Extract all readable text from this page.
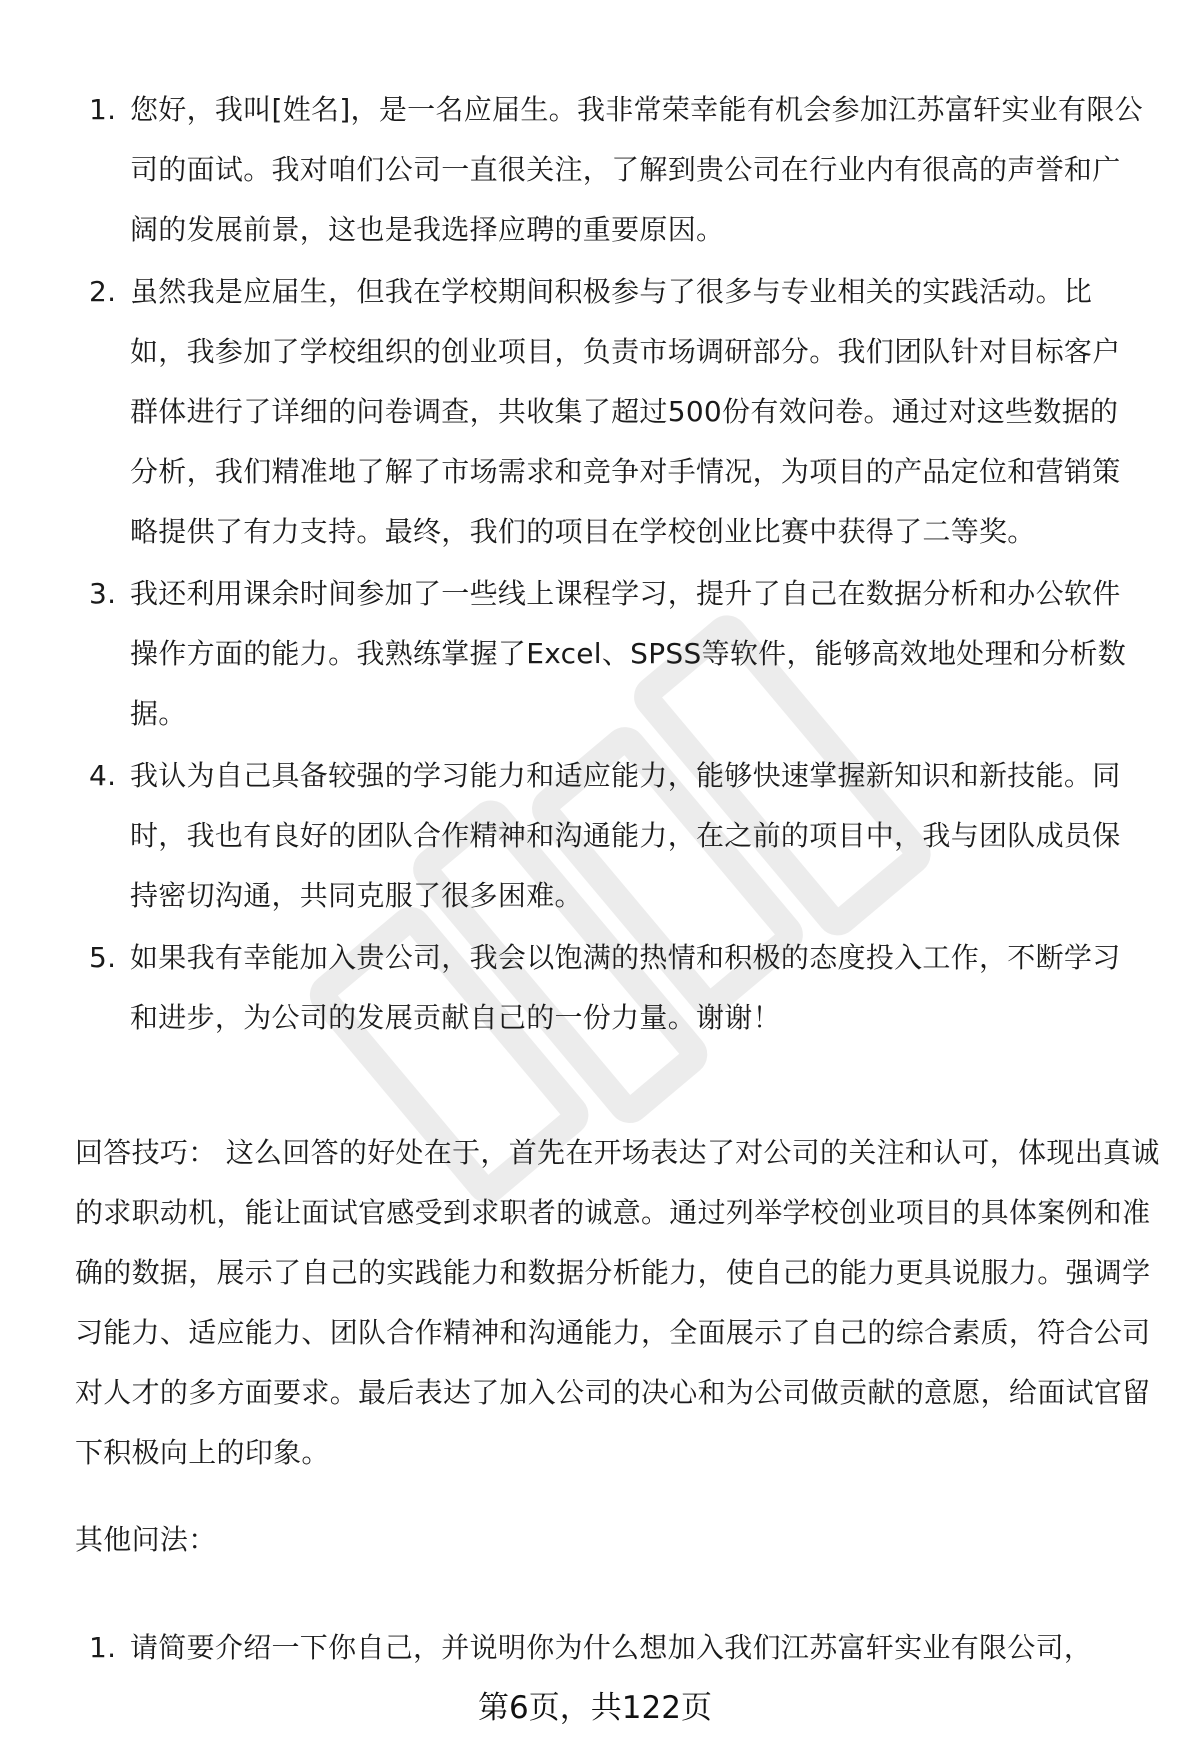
1. 您好，我叫[姓名]，是一名应届生。我非常荣幸能有机会参加江苏富轩实业有限公司的面试。我对咱们公司一直很关注，了解到贵公司在行业内有很高的声誉和广阔的发展前景，这也是我选择应聘的重要原因。
2. 虽然我是应届生，但我在学校期间积极参与了很多与专业相关的实践活动。比如，我参加了学校组织的创业项目，负责市场调研部分。我们团队针对目标客户群体进行了详细的问卷调查，共收集了超过500份有效问卷。通过对这些数据的分析，我们精准地了解了市场需求和竞争对手情况，为项目的产品定位和营销策略提供了有力支持。最终，我们的项目在学校创业比赛中获得了二等奖。
3. 我还利用课余时间参加了一些线上课程学习，提升了自己在数据分析和办公软件操作方面的能力。我熟练掌握了Excel、SPSS等软件，能够高效地处理和分析数据。
4. 我认为自己具备较强的学习能力和适应能力，能够快速掌握新知识和新技能。同时，我也有良好的团队合作精神和沟通能力，在之前的项目中，我与团队成员保持密切沟通，共同克服了很多困难。
5. 如果我有幸能加入贵公司，我会以饱满的热情和积极的态度投入工作，不断学习和进步，为公司的发展贡献自己的一份力量。谢谢！

回答技巧： 这么回答的好处在于，首先在开场表达了对公司的关注和认可，体现出真诚的求职动机，能让面试官感受到求职者的诚意。通过列举学校创业项目的具体案例和准确的数据，展示了自己的实践能力和数据分析能力，使自己的能力更具说服力。强调学习能力、适应能力、团队合作精神和沟通能力，全面展示了自己的综合素质，符合公司对人才的多方面要求。最后表达了加入公司的决心和为公司做贡献的意愿，给面试官留下积极向上的印象。

其他问法：

1. 请简要介绍一下你自己，并说明你为什么想加入我们江苏富轩实业有限公司，
第6页，共122页
